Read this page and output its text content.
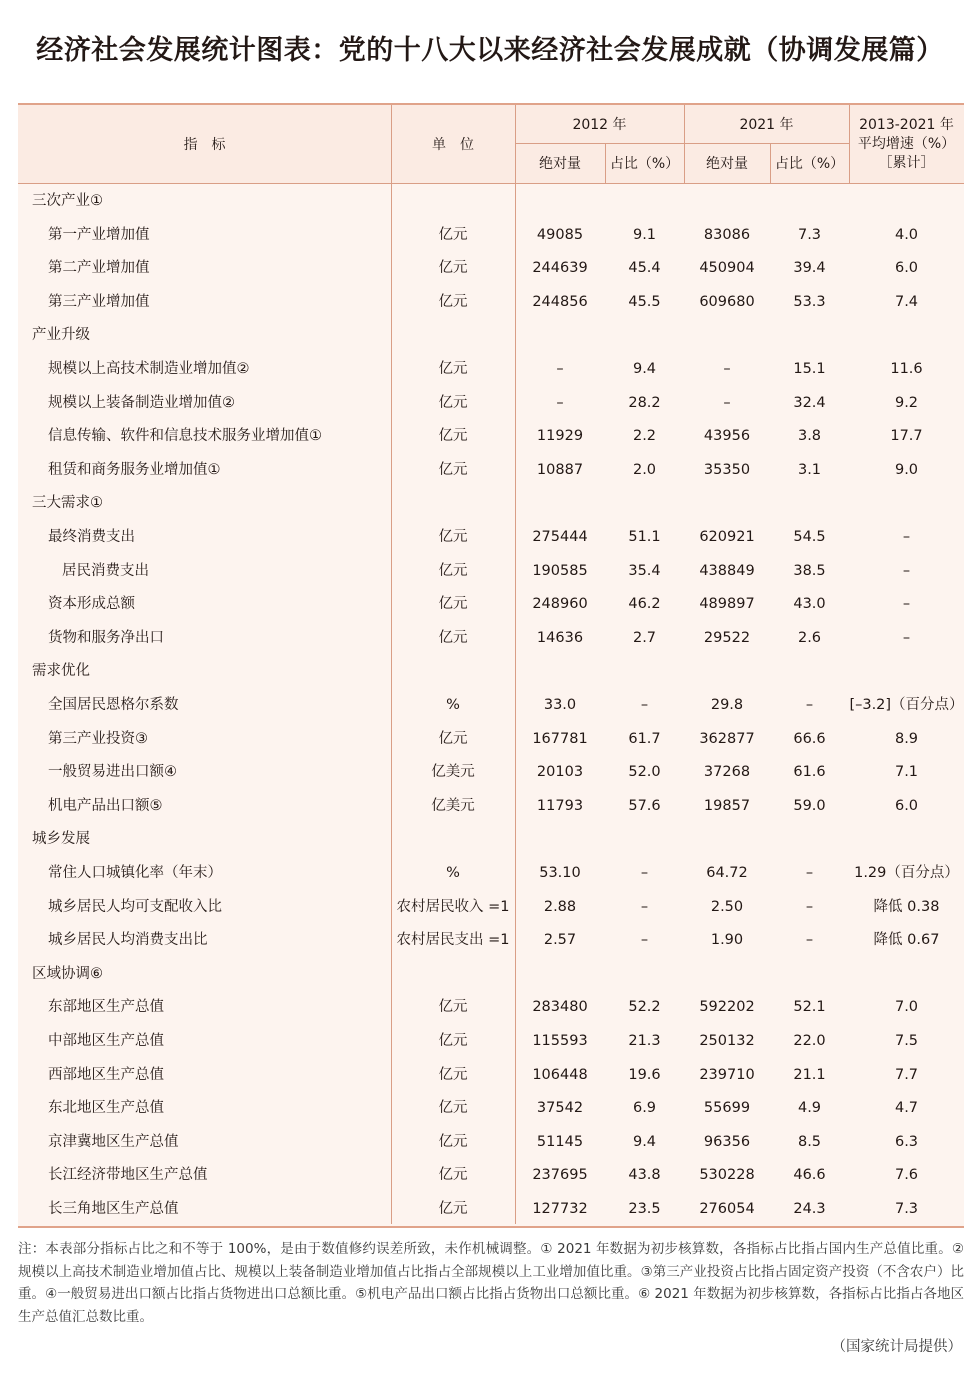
经济社会发展统计图表：党的十八大以来经济社会发展成就（协调发展篇）
指　标	单　位
2012 年	2021 年	2013-2021 年
平均增速（%）
［累计］
绝对量	占比（%）	绝对量	占比（%）
三次产业①
第一产业增加值	亿元	49085	9.1	83086	7.3	4.0
第二产业增加值	亿元	244639	45.4	450904	39.4	6.0
第三产业增加值	亿元	244856	45.5	609680	53.3	7.4
产业升级
规模以上高技术制造业增加值②	亿元	–	9.4	–	15.1	11.6
规模以上装备制造业增加值②	亿元	–	28.2	–	32.4	9.2
信息传输、软件和信息技术服务业增加值①	亿元	11929	2.2	43956	3.8	17.7
租赁和商务服务业增加值①	亿元	10887	2.0	35350	3.1	9.0
三大需求①
最终消费支出	亿元	275444	51.1	620921	54.5	–
居民消费支出	亿元	190585	35.4	438849	38.5	–
资本形成总额	亿元	248960	46.2	489897	43.0	–
货物和服务净出口	亿元	14636	2.7	29522	2.6	–
需求优化
全国居民恩格尔系数	%	33.0	–	29.8	–	[–3.2]（百分点）
第三产业投资③	亿元	167781	61.7	362877	66.6	8.9
一般贸易进出口额④	亿美元	20103	52.0	37268	61.6	7.1
机电产品出口额⑤	亿美元	11793	57.6	19857	59.0	6.0
城乡发展
常住人口城镇化率（年末）	%	53.10	–	64.72	–	1.29（百分点）
城乡居民人均可支配收入比	农村居民收入 =1	2.88	–	2.50	–	降低 0.38
城乡居民人均消费支出比	农村居民支出 =1	2.57	–	1.90	–	降低 0.67
区域协调⑥
东部地区生产总值	亿元	283480	52.2	592202	52.1	7.0
中部地区生产总值	亿元	115593	21.3	250132	22.0	7.5
西部地区生产总值	亿元	106448	19.6	239710	21.1	7.7
东北地区生产总值	亿元	37542	6.9	55699	4.9	4.7
京津冀地区生产总值	亿元	51145	9.4	96356	8.5	6.3
长江经济带地区生产总值	亿元	237695	43.8	530228	46.6	7.6
长三角地区生产总值	亿元	127732	23.5	276054	24.3	7.3
注：本表部分指标占比之和不等于 100%，是由于数值修约误差所致，未作机械调整。① 2021 年数据为初步核算数，各指标占比指占国内生产总值比重。②规模以上高技术制造业增加值占比、规模以上装备制造业增加值占比指占全部规模以上工业增加值比重。③第三产业投资占比指占固定资产投资（不含农户）比重。④一般贸易进出口额占比指占货物进出口总额比重。⑤机电产品出口额占比指占货物出口总额比重。⑥ 2021 年数据为初步核算数，各指标占比指占各地区生产总值汇总数比重。
（国家统计局提供）
